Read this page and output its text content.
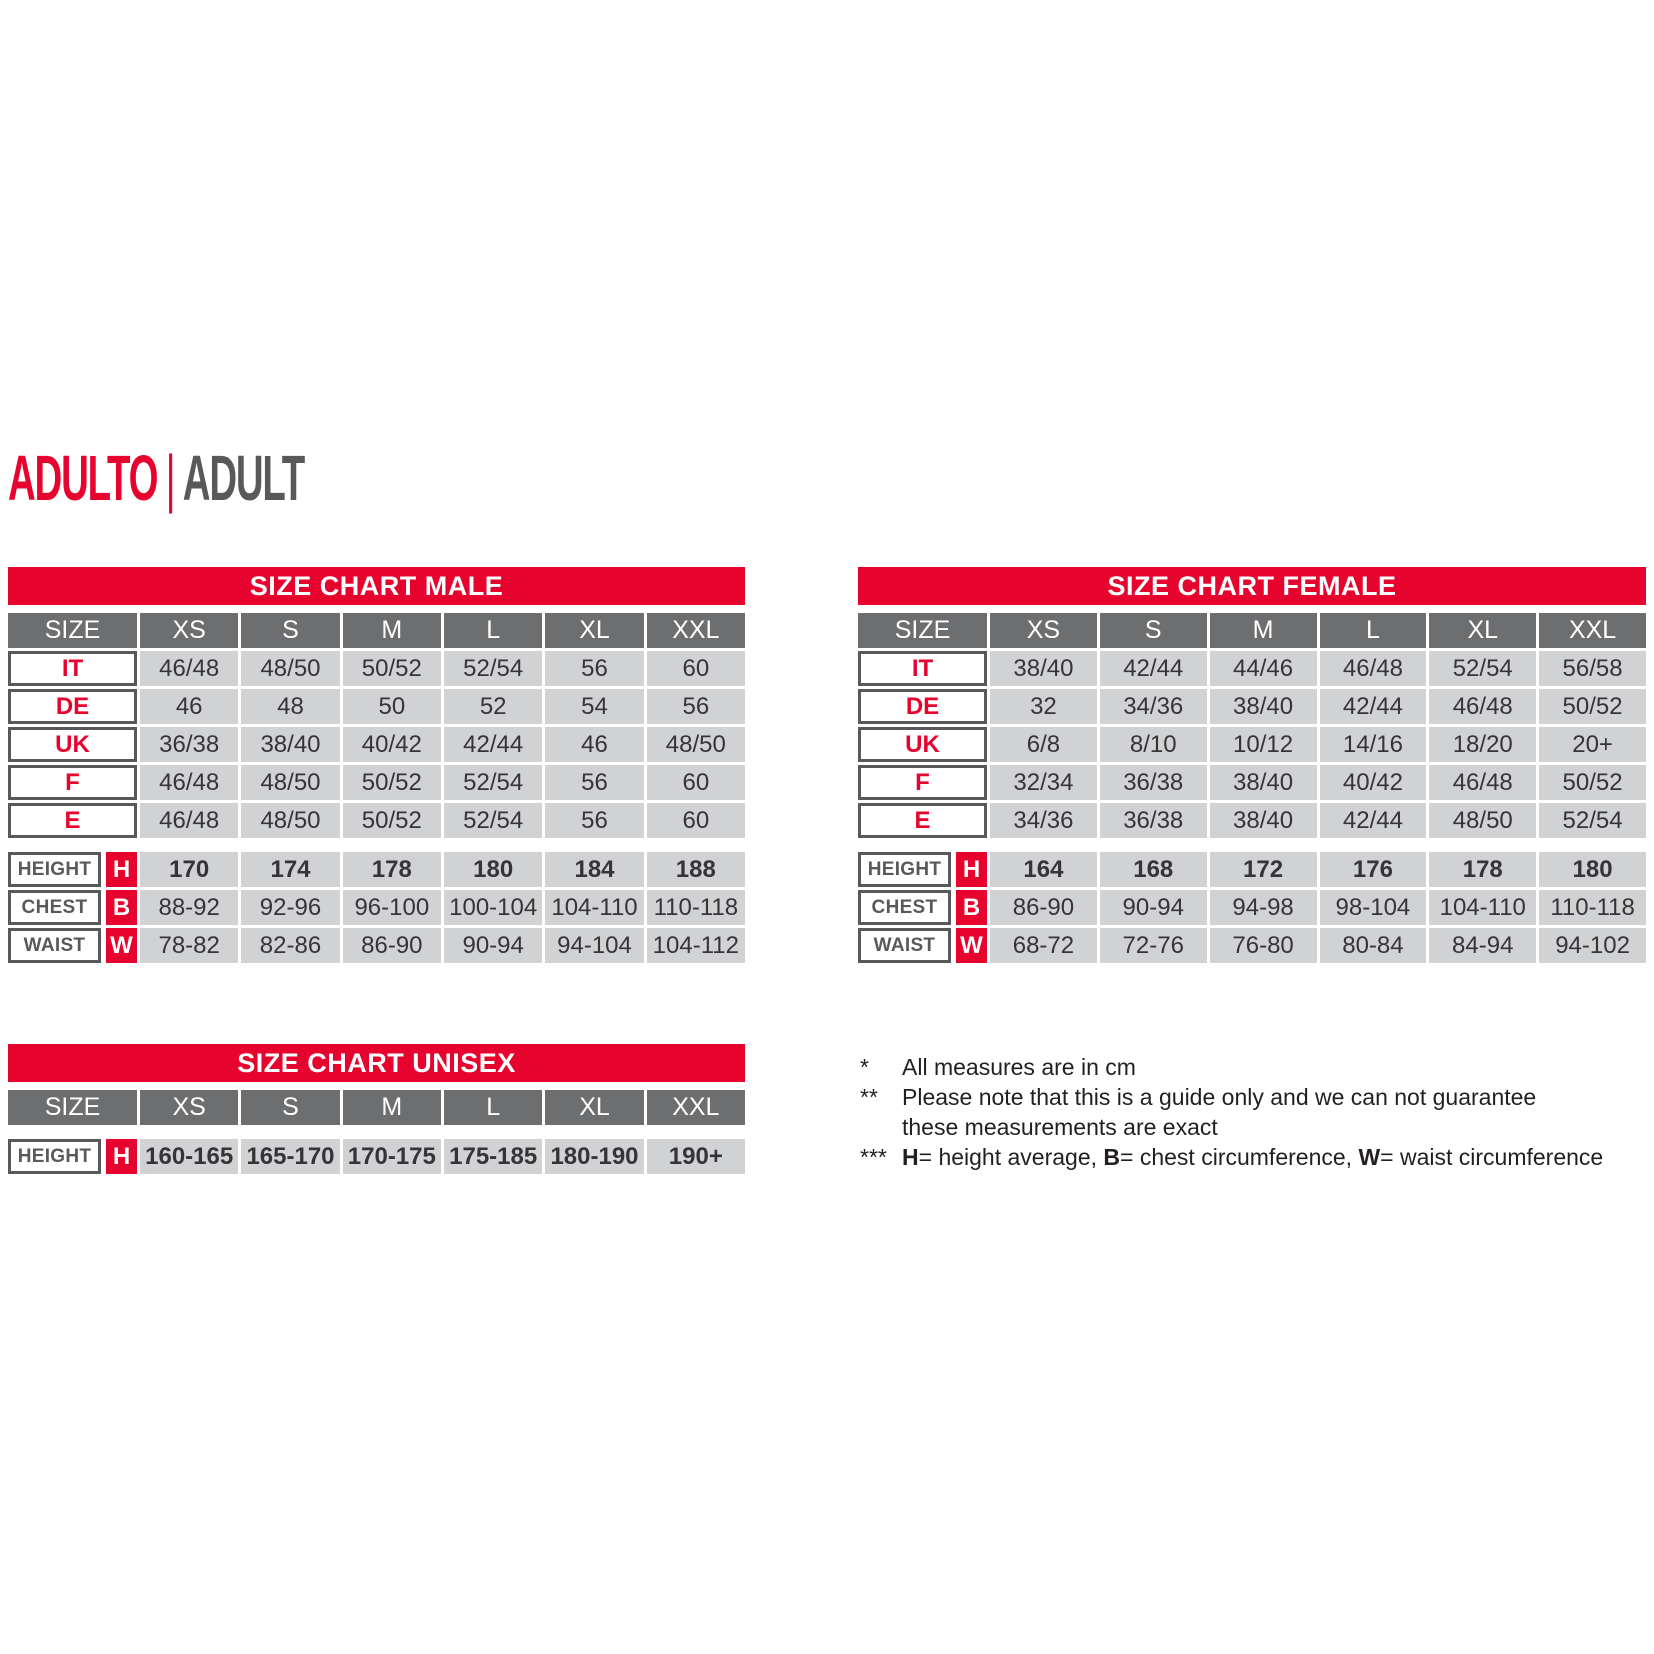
ADULTO | ADULT
SIZE CHART MALE
SIZE	XS	S	M	L	XL	XXL
IT	46/48	48/50	50/52	52/54	56	60
DE	46	48	50	52	54	56
UK	36/38	38/40	40/42	42/44	46	48/50
F	46/48	48/50	50/52	52/54	56	60
E	46/48	48/50	50/52	52/54	56	60
HEIGHT H	170	174	178	180	184	188
CHEST	B	88-92	92-96	96-100 100-104 104-110 110-118
WAIST	W	78-82	82-86	86-90	90-94	94-104 104-112
SIZE CHART FEMALE
SIZE	XS	S	M	L	XL	XXL
IT	38/40	42/44	44/46	46/48	52/54	56/58
DE	32	34/36	38/40	42/44	46/48	50/52
UK	6/8	8/10	10/12	14/16	18/20	20+
F	32/34	36/38	38/40	40/42	46/48	50/52
E	34/36	36/38	38/40	42/44	48/50	52/54
HEIGHT H	164	168	172	176	178	180
CHEST	B	86-90	90-94	94-98	98-104	104-110	110-118
WAIST	W	68-72	72-76	76-80	80-84	84-94	94-102
SIZE CHART UNISEX
SIZE	XS	S	M	L	XL	XXL
HEIGHT H 160-165 165-170 170-175 175-185 180-190	190+
*	All measures are in cm
**	Please note that this is a guide only and we can not guarantee
these measurements are exact
*** H= height average, B= chest circumference, W= waist circumference
